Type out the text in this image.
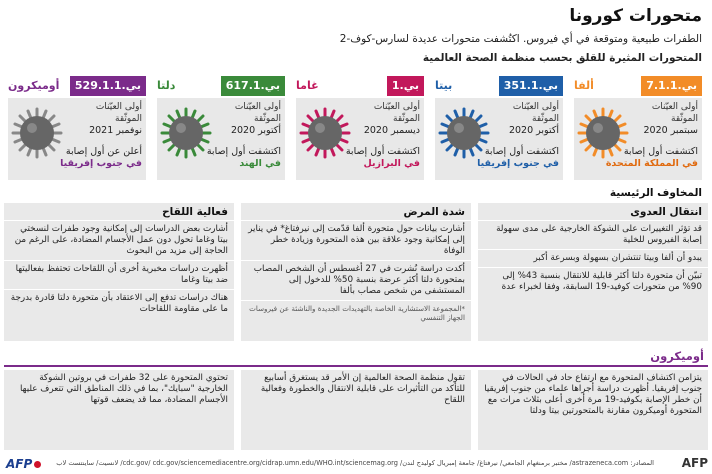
متحورات كورونا
الطفرات طبيعية ومتوقعة في أي فيروس. اكتُشفت متحورات عديدة لسارس-كوف-2
المتحورات المثيرة للقلق بحسب منظمة الصحة العالمية
بي.7.1.1
ألفا
أولى العيّنات الموثّقة
سبتمبر 2020
اكتشفت أول إصابة
في المملكة المتحدة
بي.351.1
بيتا
أولى العيّنات الموثّقة
أكتوبر 2020
اكتشفت أول إصابة
في جنوب إفريقيا
بي.1
غاما
أولى العيّنات الموثّقة
ديسمبر 2020
اكتشفت أول إصابة
في البرازيل
بي.617.1
دلتا
أولى العيّنات الموثّقة
أكتوبر 2020
اكتشفت أول إصابة
في الهند
بي.529.1.1
أوميكرون
أولى العيّنات الموثّقة
نوفمبر 2021
أعلن عن أول إصابة
في جنوب إفريقيا
المخاوف الرئيسية
انتقال العدوى

قد تؤثر التغييرات على الشوكة الخارجية على مدى سهولة إصابة الفيروس للخلية

يبدو أن ألفا وبيتا تنتشران بسهولة وبسرعة أكبر

تبيّن أن متحورة دلتا أكثر قابلية للانتقال بنسبة 43% إلى 90% من متحورات كوفيد-19 السابقة، وفقا لخبراء عدة

شدة المرض

أشارت بيانات حول متحورة ألفا قدّمت إلى نيرفتاغ* في يناير إلى إمكانية وجود علاقة بين هذه المتحورة وزيادة خطر الوفاة

أكدت دراسة نُشرت في 27 أغسطس أن الشخص المصاب بمتحورة دلتا أكثر عرضة بنسبة 50% للدخول إلى المستشفى من شخص مصاب بألفا

*المجموعة الاستشارية الخاصة بالتهديدات الجديدة والناشئة عن فيروسات الجهاز التنفسي

فعالية اللقاح

أشارت بعض الدراسات إلى إمكانية وجود طفرات لنسختي بيتا وغاما تحول دون عمل الأجسام المضادة، على الرغم من الحاجة إلى مزيد من البحوث

أظهرت دراسات مخبرية أخرى أن اللقاحات تحتفظ بفعاليتها ضد بيتا وغاما

هناك دراسات تدفع إلى الاعتقاد بأن متحورة دلتا قادرة بدرجة ما على مقاومة اللقاحات

أوميكرون

يتزامن اكتشاف المتحورة مع ارتفاع حاد في الحالات في جنوب إفريقيا. أظهرت دراسة أجراها علماء من جنوب إفريقيا أن خطر الإصابة بكوفيد-19 مرة أخرى أعلى بثلاث مرات مع المتحورة أوميكرون مقارنة بالمتحورتين بيتا ودلتا

تقول منظمة الصحة العالمية إن الأمر قد يستغرق أسابيع للتأكد من التأثيرات على قابلية الانتقال والخطورة وفعالية اللقاح

تحتوي المتحورة على 32 طفرات في بروتين الشوكة الخارجية "سبايك"، بما في ذلك المناطق التي تتعرف عليها الأجسام المضادة، مما قد يضعف قوتها

AFP	المصادر: astrazeneca.com/ مختبر برمنغهام الجامعي/ نيرفتاغ/ جامعة إمبريال كوليدج لندن/ cdc.gov/ cdc.gov/sciencemediacentre.org/cidrap.umn.edu/WHO.int/sciencemag.org/ لانسيت/ ساينتست لاب AFP
